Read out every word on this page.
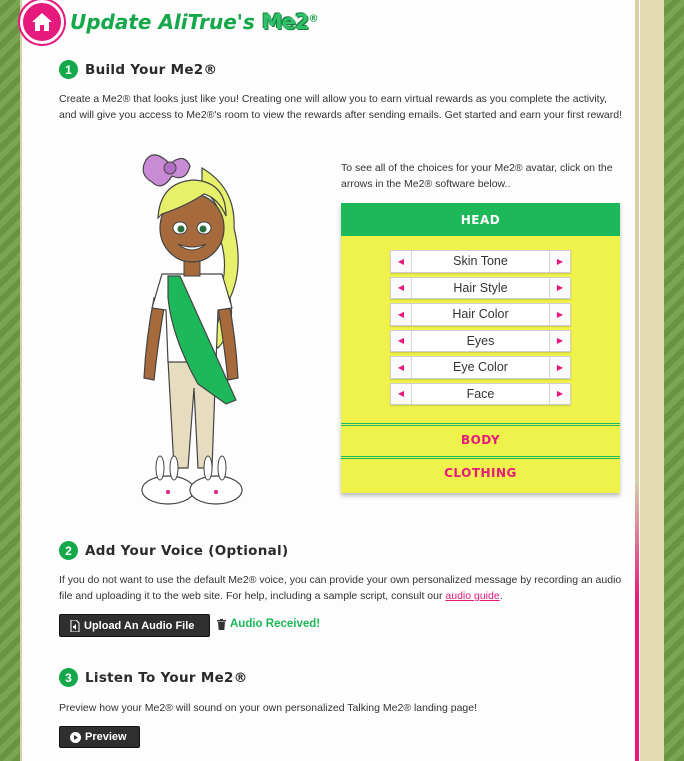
Update AliTrue's Me2®
1 Build Your Me2®
Create a Me2® that looks just like you! Creating one will allow you to earn virtual rewards as you complete the activity, and will give you access to Me2®'s room to view the rewards after sending emails. Get started and earn your first reward!
To see all of the choices for your Me2® avatar, click on the arrows in the Me2® software below..
HEAD
◀	Skin Tone	▶
◀	Hair Style	▶
◀	Hair Color	▶
◀	Eyes	▶
◀	Eye Color	▶
◀	Face	▶
BODY
CLOTHING
2 Add Your Voice (Optional)
If you do not want to use the default Me2® voice, you can provide your own personalized message by recording an audio file and uploading it to the web site. For help, including a sample script, consult our audio guide.
Upload An Audio File	Audio Received!
3 Listen To Your Me2®
Preview how your Me2® will sound on your own personalized Talking Me2® landing page!
Preview
